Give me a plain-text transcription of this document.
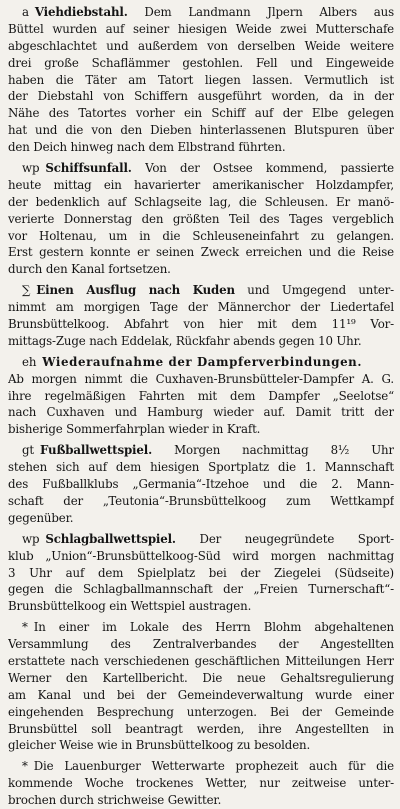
a Viehdiebstahl. Dem Landmann Jlpern Albers aus
Büttel wurden auf seiner hiesigen Weide zwei Mutterschafe
abgeschlachtet und außerdem von derselben Weide weitere
drei große Schaflämmer gestohlen. Fell und Eingeweide
haben die Täter am Tatort liegen lassen. Vermutlich ist
der Diebstahl von Schiffern ausgeführt worden, da in der
Nähe des Tatortes vorher ein Schiff auf der Elbe gelegen
hat und die von den Dieben hinterlassenen Blutspuren über
den Deich hinweg nach dem Elbstrand führten.
wp Schiffsunfall. Von der Ostsee kommend, passierte
heute mittag ein havarierter amerikanischer Holzdampfer,
der bedenklich auf Schlagseite lag, die Schleusen. Er manö-
verierte Donnerstag den größten Teil des Tages vergeblich
vor Holtenau, um in die Schleuseneinfahrt zu gelangen.
Erst gestern konnte er seinen Zweck erreichen und die Reise
durch den Kanal fortsetzen.
∑ Einen Ausflug nach Kuden und Umgegend unter-
nimmt am morgigen Tage der Männerchor der Liedertafel
Brunsbüttelkoog. Abfahrt von hier mit dem 11¹⁹ Vor-
mittags-Zuge nach Eddelak, Rückfahr abends gegen 10 Uhr.
eh Wiederaufnahme der Dampferverbindungen.
Ab morgen nimmt die Cuxhaven-Brunsbütteler-Dampfer A. G.
ihre regelmäßigen Fahrten mit dem Dampfer „Seelotse“
nach Cuxhaven und Hamburg wieder auf. Damit tritt der
bisherige Sommerfahrplan wieder in Kraft.
gt Fußballwettspiel. Morgen nachmittag 8½ Uhr
stehen sich auf dem hiesigen Sportplatz die 1. Mannschaft
des Fußballklubs „Germania“-Itzehoe und die 2. Mann-
schaft der „Teutonia“-Brunsbüttelkoog zum Wettkampf
gegenüber.
wp Schlagballwettspiel. Der neugegründete Sport-
klub „Union“-Brunsbüttelkoog-Süd wird morgen nachmittag
3 Uhr auf dem Spielplatz bei der Ziegelei (Südseite)
gegen die Schlagballmannschaft der „Freien Turnerschaft“-
Brunsbüttelkoog ein Wettspiel austragen.
* In einer im Lokale des Herrn Blohm abgehaltenen
Versammlung des Zentralverbandes der Angestellten
erstattete nach verschiedenen geschäftlichen Mitteilungen Herr
Werner den Kartellbericht. Die neue Gehaltsregulierung
am Kanal und bei der Gemeindeverwaltung wurde einer
eingehenden Besprechung unterzogen. Bei der Gemeinde
Brunsbüttel soll beantragt werden, ihre Angestellten in
gleicher Weise wie in Brunsbüttelkoog zu besolden.
* Die Lauenburger Wetterwarte prophezeit auch für die
kommende Woche trockenes Wetter, nur zeitweise unter-
brochen durch strichweise Gewitter.
